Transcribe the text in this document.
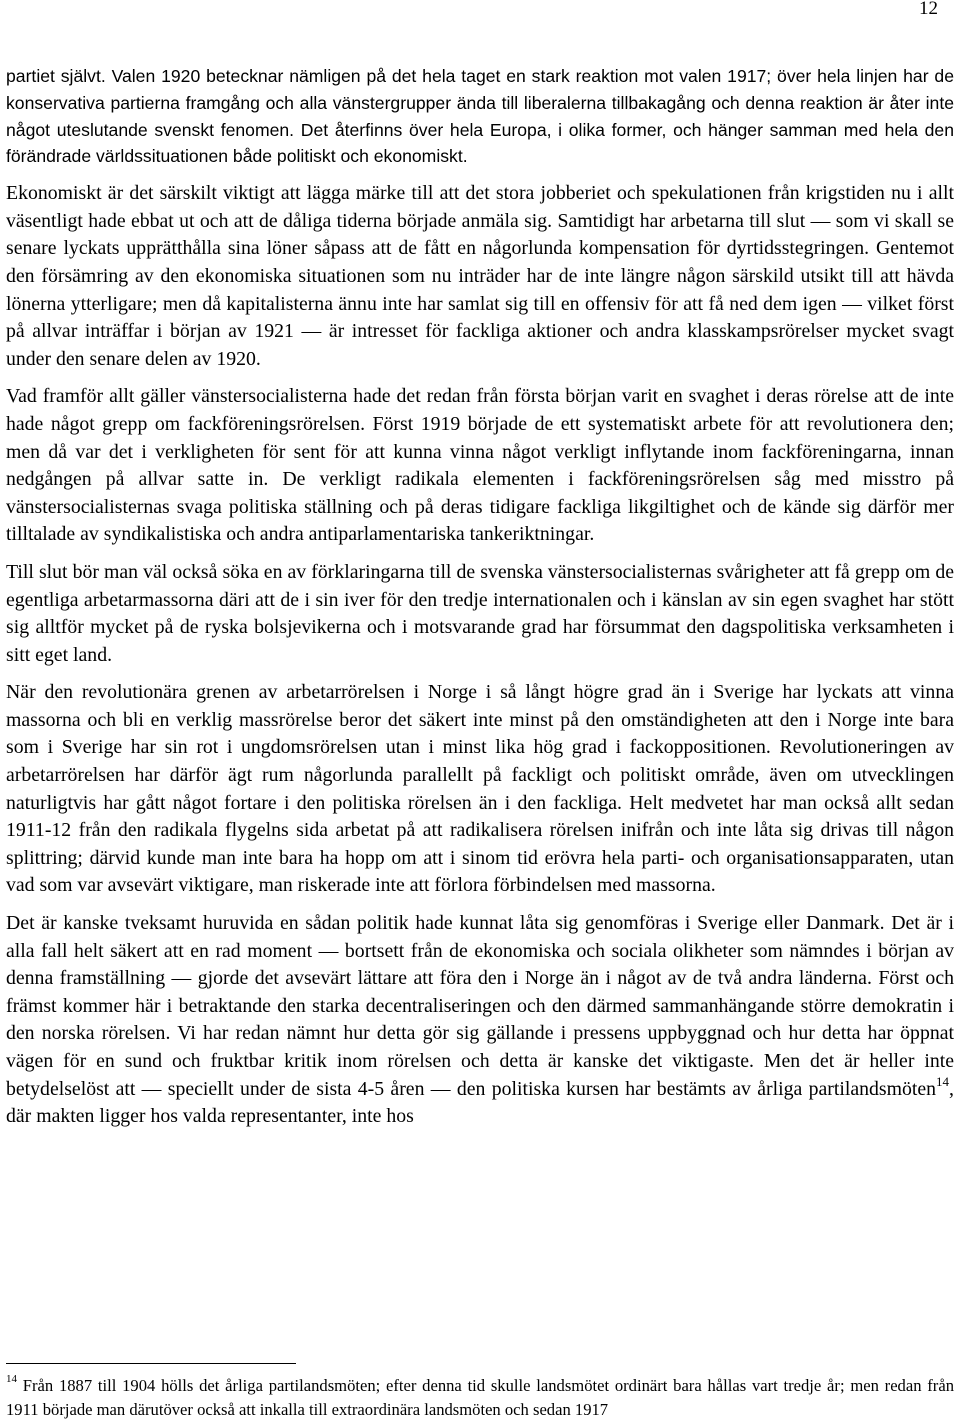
12

partiet självt. Valen 1920 betecknar nämligen på det hela taget en stark reaktion mot valen 1917; över hela linjen har de konservativa partierna framgång och alla vänstergrupper ända till liberalerna tillbakagång och denna reaktion är åter inte något uteslutande svenskt fenomen. Det återfinns över hela Europa, i olika former, och hänger samman med hela den förändrade världssituationen både politiskt och ekonomiskt.

Ekonomiskt är det särskilt viktigt att lägga märke till att det stora jobberiet och spekulationen från krigstiden nu i allt väsentligt hade ebbat ut och att de dåliga tiderna började anmäla sig. Samtidigt har arbetarna till slut — som vi skall se senare lyckats upprätthålla sina löner såpass att de fått en någorlunda kompensation för dyrtidsstegringen. Gentemot den försämring av den ekonomiska situationen som nu inträder har de inte längre någon särskild utsikt till att hävda lönerna ytterligare; men då kapitalisterna ännu inte har samlat sig till en offensiv för att få ned dem igen — vilket först på allvar inträffar i början av 1921 — är intresset för fackliga aktioner och andra klasskampsrörelser mycket svagt under den senare delen av 1920.

Vad framför allt gäller vänstersocialisterna hade det redan från första början varit en svaghet i deras rörelse att de inte hade något grepp om fackföreningsrörelsen. Först 1919 började de ett systematiskt arbete för att revolutionera den; men då var det i verkligheten för sent för att kunna vinna något verkligt inflytande inom fackföreningarna, innan nedgången på allvar satte in. De verkligt radikala elementen i fackföreningsrörelsen såg med misstro på vänstersocialisternas svaga politiska ställning och på deras tidigare fackliga likgiltighet och de kände sig därför mer tilltalade av syndikalistiska och andra antiparlamentariska tankeriktningar.

Till slut bör man väl också söka en av förklaringarna till de svenska vänstersocialisternas svårigheter att få grepp om de egentliga arbetarmassorna däri att de i sin iver för den tredje internationalen och i känslan av sin egen svaghet har stött sig alltför mycket på de ryska bolsjevikerna och i motsvarande grad har försummat den dagspolitiska verksamheten i sitt eget land.

När den revolutionära grenen av arbetarrörelsen i Norge i så långt högre grad än i Sverige har lyckats att vinna massorna och bli en verklig massrörelse beror det säkert inte minst på den omständigheten att den i Norge inte bara som i Sverige har sin rot i ungdomsrörelsen utan i minst lika hög grad i fackoppositionen. Revolutioneringen av arbetarrörelsen har därför ägt rum någorlunda parallellt på fackligt och politiskt område, även om utvecklingen naturligtvis har gått något fortare i den politiska rörelsen än i den fackliga. Helt medvetet har man också allt sedan 1911-12 från den radikala flygelns sida arbetat på att radikalisera rörelsen inifrån och inte låta sig drivas till någon splittring; därvid kunde man inte bara ha hopp om att i sinom tid erövra hela parti- och organisationsapparaten, utan vad som var avsevärt viktigare, man riskerade inte att förlora förbindelsen med massorna.

Det är kanske tveksamt huruvida en sådan politik hade kunnat låta sig genomföras i Sverige eller Danmark. Det är i alla fall helt säkert att en rad moment — bortsett från de ekonomiska och sociala olikheter som nämndes i början av denna framställning — gjorde det avsevärt lättare att föra den i Norge än i något av de två andra länderna. Först och främst kommer här i betraktande den starka decentraliseringen och den därmed sammanhängande större demokratin i den norska rörelsen. Vi har redan nämnt hur detta gör sig gällande i pressens uppbyggnad och hur detta har öppnat vägen för en sund och fruktbar kritik inom rörelsen och detta är kanske det viktigaste. Men det är heller inte betydelselöst att — speciellt under de sista 4-5 åren — den politiska kursen har bestämts av årliga partilandsmöten$^{14}$, där makten ligger hos valda representanter, inte hos

$^{14}$ Från 1887 till 1904 hölls det årliga partilandsmöten; efter denna tid skulle landsmötet ordinärt bara hållas vart tredje år; men redan från 1911 började man därutöver också att inkalla till extraordinära landsmöten och sedan 1917
